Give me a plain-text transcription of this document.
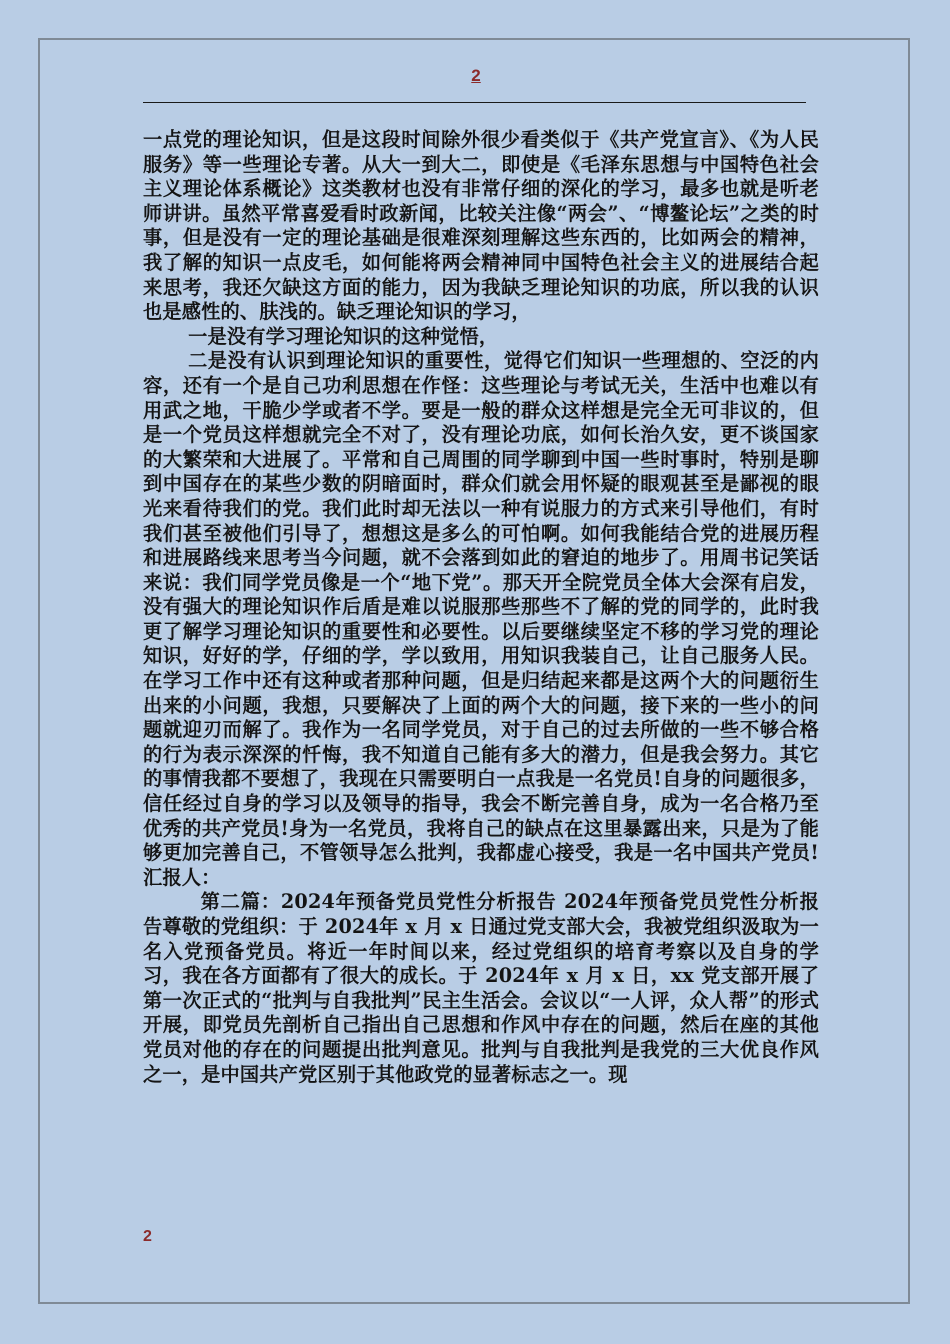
2

一点党的理论知识，但是这段时间除外很少看类似于《共产党宣言》、《为人民服务》等一些理论专著。从大一到大二，即使是《毛泽东思想与中国特色社会主义理论体系概论》这类教材也没有非常仔细的深化的学习，最多也就是听老师讲讲。虽然平常喜爱看时政新闻，比较关注像“两会”、“博鳌论坛”之类的时事，但是没有一定的理论基础是很难深刻理解这些东西的，比如两会的精神，我了解的知识一点皮毛，如何能将两会精神同中国特色社会主义的进展结合起来思考，我还欠缺这方面的能力，因为我缺乏理论知识的功底，所以我的认识也是感性的、肤浅的。缺乏理论知识的学习，

一是没有学习理论知识的这种觉悟，

二是没有认识到理论知识的重要性，觉得它们知识一些理想的、空泛的内容，还有一个是自己功利思想在作怪：这些理论与考试无关，生活中也难以有用武之地，干脆少学或者不学。要是一般的群众这样想是完全无可非议的，但是一个党员这样想就完全不对了，没有理论功底，如何长治久安，更不谈国家的大繁荣和大进展了。平常和自己周围的同学聊到中国一些时事时，特别是聊到中国存在的某些少数的阴暗面时，群众们就会用怀疑的眼观甚至是鄙视的眼光来看待我们的党。我们此时却无法以一种有说服力的方式来引导他们，有时我们甚至被他们引导了，想想这是多么的可怕啊。如何我能结合党的进展历程和进展路线来思考当今问题，就不会落到如此的窘迫的地步了。用周书记笑话来说：我们同学党员像是一个“地下党”。那天开全院党员全体大会深有启发，没有强大的理论知识作后盾是难以说服那些那些不了解的党的同学的，此时我更了解学习理论知识的重要性和必要性。以后要继续坚定不移的学习党的理论知识，好好的学，仔细的学，学以致用，用知识我装自己，让自己服务人民。在学习工作中还有这种或者那种问题，但是归结起来都是这两个大的问题衍生出来的小问题，我想，只要解决了上面的两个大的问题，接下来的一些小的问题就迎刃而解了。我作为一名同学党员，对于自己的过去所做的一些不够合格的行为表示深深的忏悔，我不知道自己能有多大的潜力，但是我会努力。其它的事情我都不要想了，我现在只需要明白一点我是一名党员!自身的问题很多，信任经过自身的学习以及领导的指导，我会不断完善自身，成为一名合格乃至优秀的共产党员!身为一名党员，我将自己的缺点在这里暴露出来，只是为了能够更加完善自己，不管领导怎么批判，我都虚心接受，我是一名中国共产党员!汇报人：

第二篇：2024年预备党员党性分析报告 2024年预备党员党性分析报告尊敬的党组织：于 2024年 x 月 x 日通过党支部大会，我被党组织汲取为一名入党预备党员。将近一年时间以来，经过党组织的培育考察以及自身的学习，我在各方面都有了很大的成长。于 2024年 x 月 x 日，xx 党支部开展了第一次正式的“批判与自我批判”民主生活会。会议以“一人评，众人帮”的形式开展，即党员先剖析自己指出自己思想和作风中存在的问题，然后在座的其他党员对他的存在的问题提出批判意见。批判与自我批判是我党的三大优良作风之一，是中国共产党区别于其他政党的显著标志之一。现

2
